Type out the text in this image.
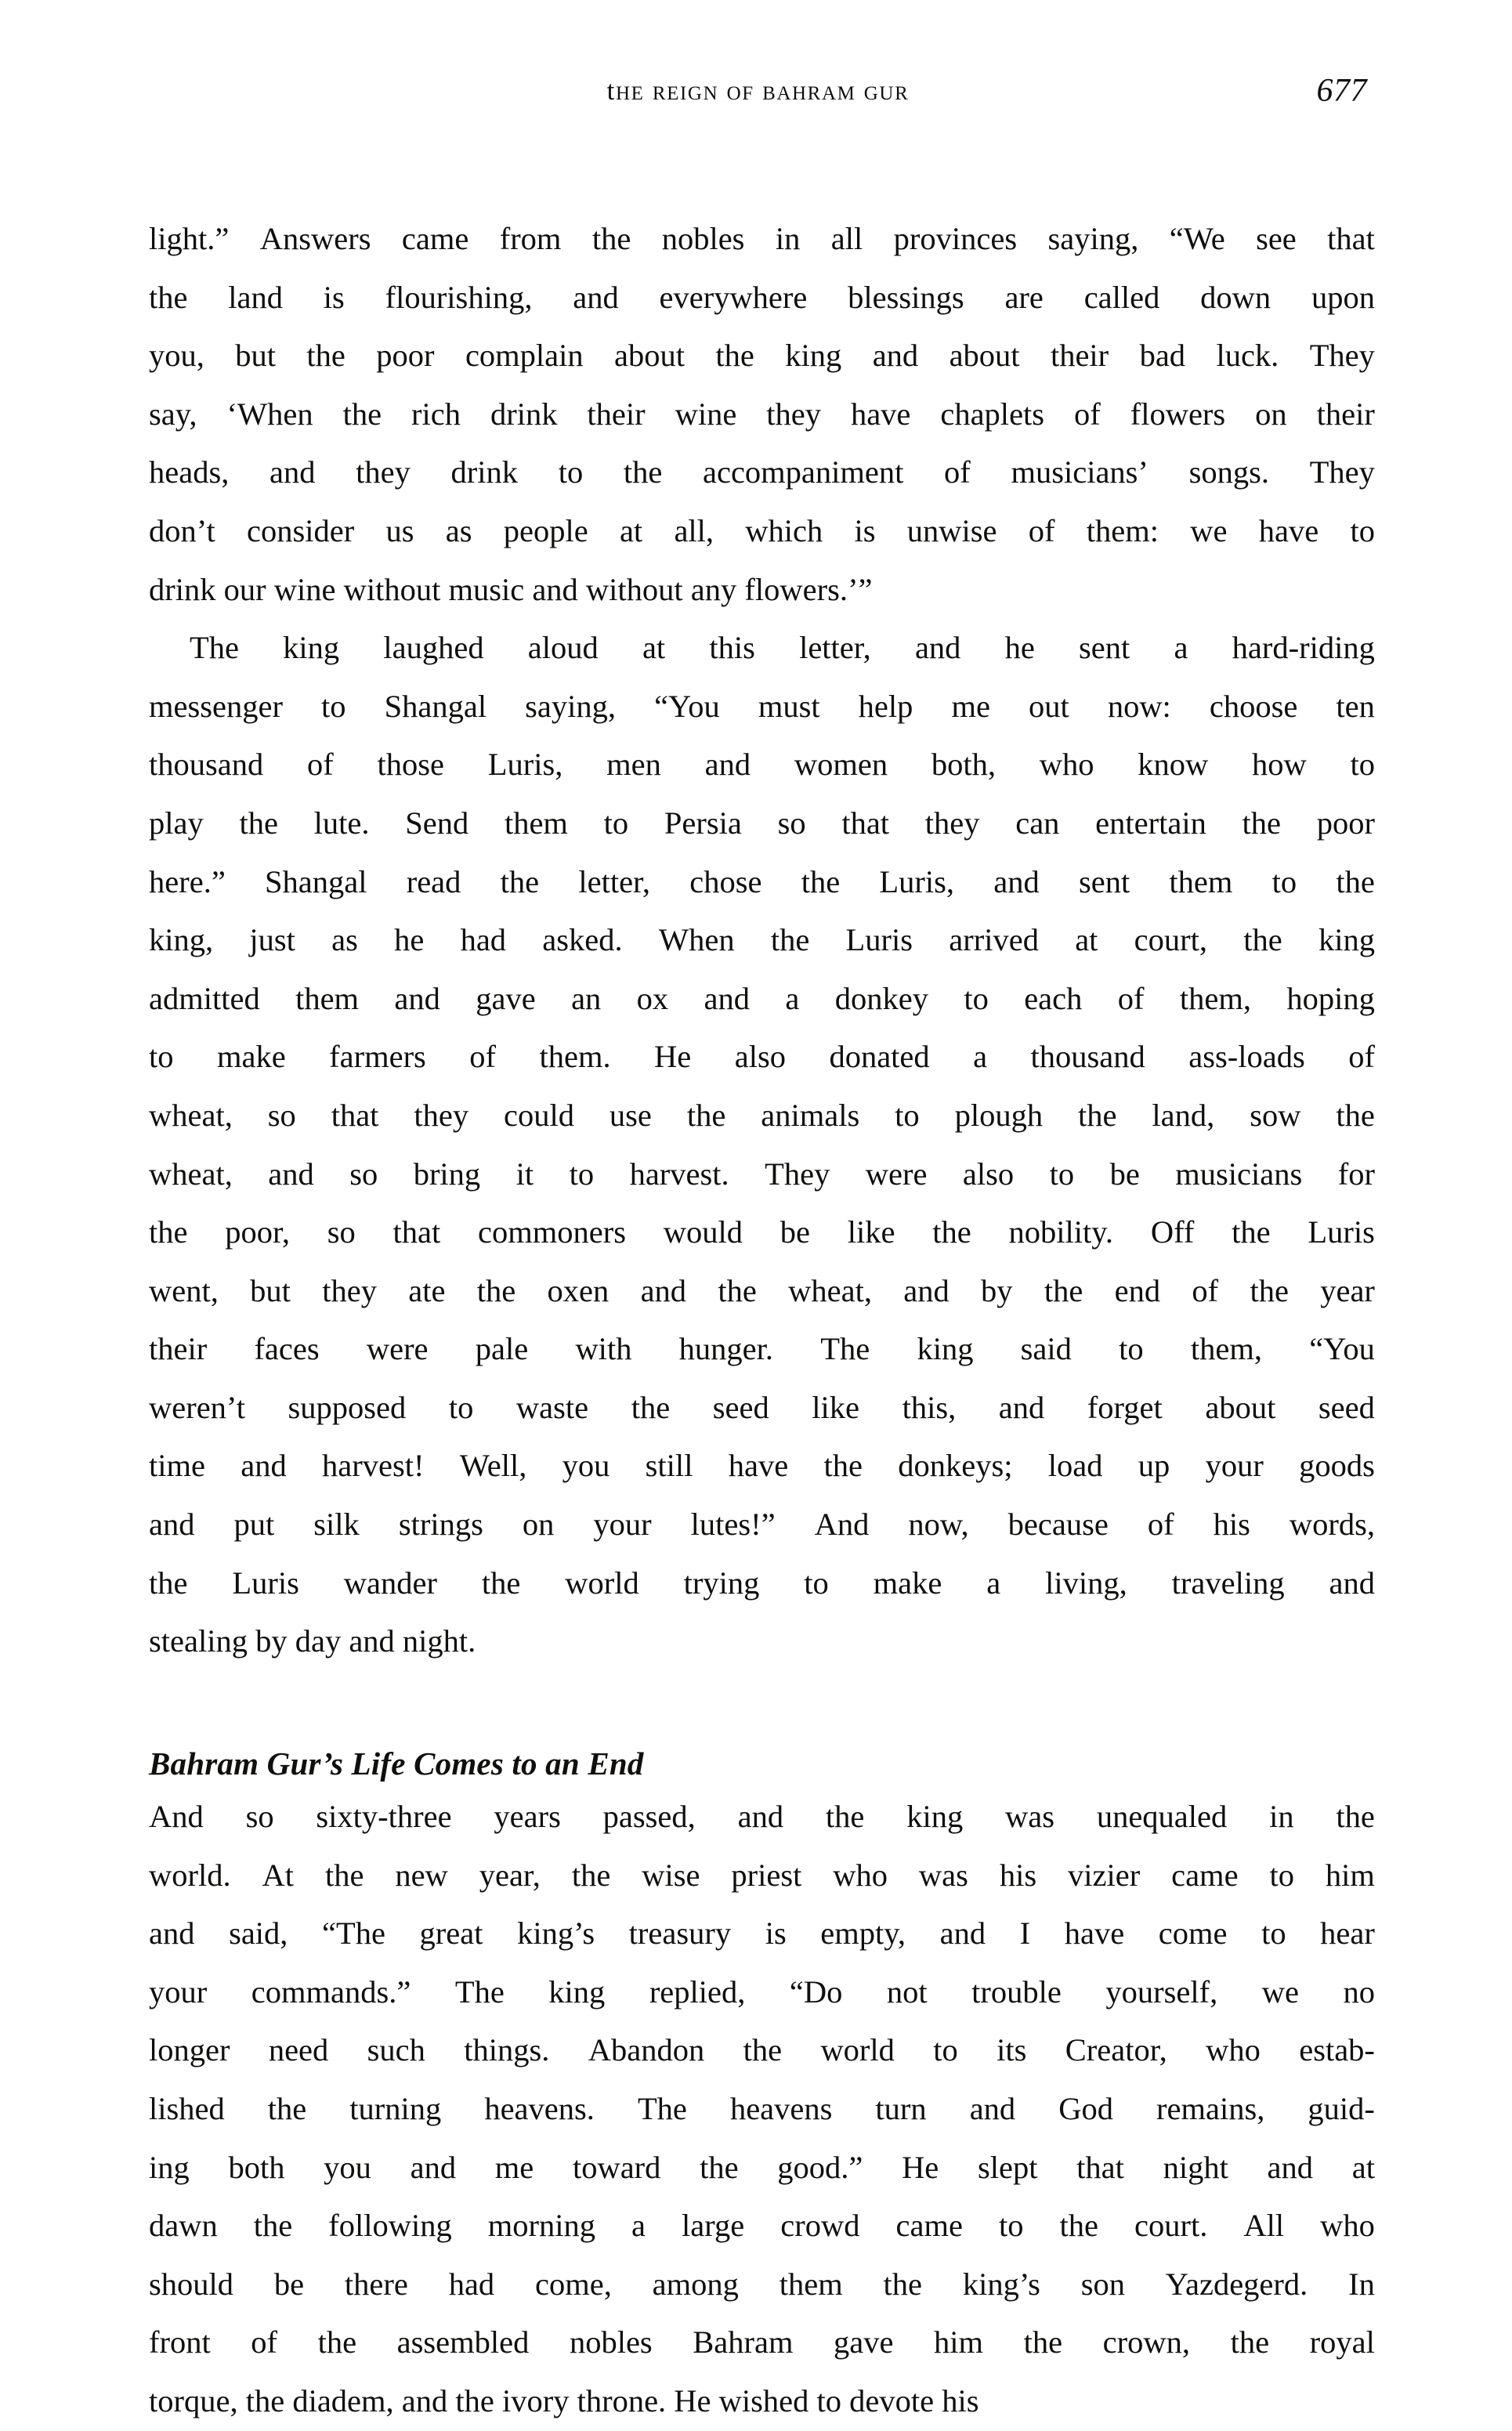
the reign of bahram gur	677
light.” Answers came from the nobles in all provinces saying, “We see that
the land is flourishing, and everywhere blessings are called down upon
you, but the poor complain about the king and about their bad luck. They
say, ‘When the rich drink their wine they have chaplets of flowers on their
heads, and they drink to the accompaniment of musicians’ songs. They
don’t consider us as people at all, which is unwise of them: we have to
drink our wine without music and without any flowers.’”
The king laughed aloud at this letter, and he sent a hard-riding
messenger to Shangal saying, “You must help me out now: choose ten
thousand of those Luris, men and women both, who know how to
play the lute. Send them to Persia so that they can entertain the poor
here.” Shangal read the letter, chose the Luris, and sent them to the
king, just as he had asked. When the Luris arrived at court, the king
admitted them and gave an ox and a donkey to each of them, hoping
to make farmers of them. He also donated a thousand ass-loads of
wheat, so that they could use the animals to plough the land, sow the
wheat, and so bring it to harvest. They were also to be musicians for
the poor, so that commoners would be like the nobility. Off the Luris
went, but they ate the oxen and the wheat, and by the end of the year
their faces were pale with hunger. The king said to them, “You
weren’t supposed to waste the seed like this, and forget about seed
time and harvest! Well, you still have the donkeys; load up your goods
and put silk strings on your lutes!” And now, because of his words,
the Luris wander the world trying to make a living, traveling and
stealing by day and night.
Bahram Gur’s Life Comes to an End
And so sixty-three years passed, and the king was unequaled in the
world. At the new year, the wise priest who was his vizier came to him
and said, “The great king’s treasury is empty, and I have come to hear
your commands.” The king replied, “Do not trouble yourself, we no
longer need such things. Abandon the world to its Creator, who estab-
lished the turning heavens. The heavens turn and God remains, guid-
ing both you and me toward the good.” He slept that night and at
dawn the following morning a large crowd came to the court. All who
should be there had come, among them the king’s son Yazdegerd. In
front of the assembled nobles Bahram gave him the crown, the royal
torque, the diadem, and the ivory throne. He wished to devote his
